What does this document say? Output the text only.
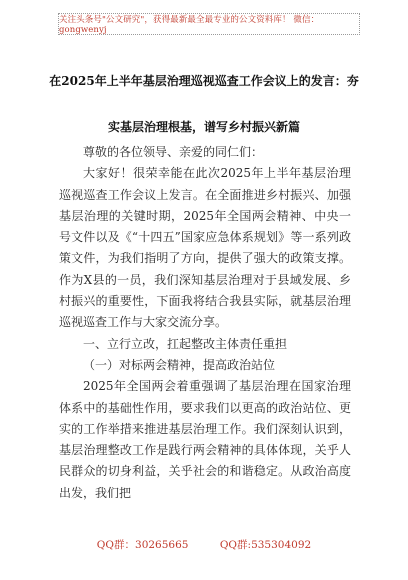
关注头条号"公文研究"，获得最新最全最专业的公文资料库！ 微信：gongwenyj
在2025年上半年基层治理巡视巡查工作会议上的发言：夯
实基层治理根基，谱写乡村振兴新篇

尊敬的各位领导、亲爱的同仁们：

大家好！很荣幸能在此次2025年上半年基层治理巡视巡查工作会议上发言。在全面推进乡村振兴、加强基层治理的关键时期，2025年全国两会精神、中央一号文件以及《“十四五”国家应急体系规划》等一系列政策文件，为我们指明了方向，提供了强大的政策支撑。作为X县的一员，我们深知基层治理对于县域发展、乡村振兴的重要性，下面我将结合我县实际，就基层治理巡视巡查工作与大家交流分享。

一、立行立改，扛起整改主体责任重担

（一）对标两会精神，提高政治站位

2025年全国两会着重强调了基层治理在国家治理体系中的基础性作用，要求我们以更高的政治站位、更实的工作举措来推进基层治理工作。我们深刻认识到，基层治理整改工作是践行两会精神的具体体现，关乎人民群众的切身利益，关乎社会的和谐稳定。从政治高度出发，我们把

QQ群：30265665	QQ群:535304092
